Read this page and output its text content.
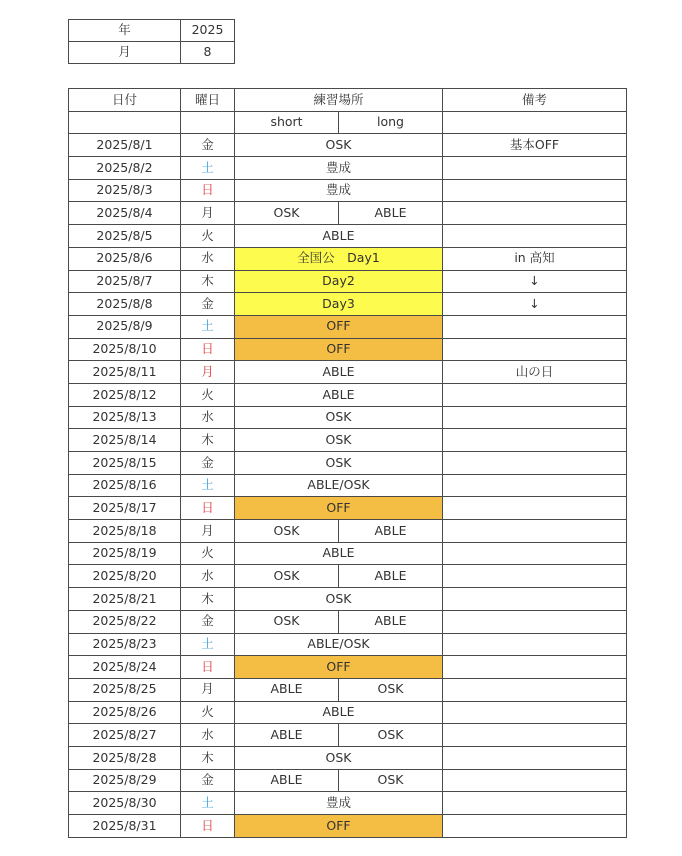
年	2025
月	8
日付	曜日	練習場所		備考
		short	long	
2025/8/1	金	OSK		基本OFF
2025/8/2	土	豊成		
2025/8/3	日	豊成		
2025/8/4	月	OSK	ABLE	
2025/8/5	火	ABLE		
2025/8/6	水	全国公　Day1		in 高知
2025/8/7	木	Day2		↓
2025/8/8	金	Day3		↓
2025/8/9	土	OFF		
2025/8/10	日	OFF		
2025/8/11	月	ABLE		山の日
2025/8/12	火	ABLE		
2025/8/13	水	OSK		
2025/8/14	木	OSK		
2025/8/15	金	OSK		
2025/8/16	土	ABLE/OSK		
2025/8/17	日	OFF		
2025/8/18	月	OSK	ABLE	
2025/8/19	火	ABLE		
2025/8/20	水	OSK	ABLE	
2025/8/21	木	OSK		
2025/8/22	金	OSK	ABLE	
2025/8/23	土	ABLE/OSK		
2025/8/24	日	OFF		
2025/8/25	月	ABLE	OSK	
2025/8/26	火	ABLE		
2025/8/27	水	ABLE	OSK	
2025/8/28	木	OSK		
2025/8/29	金	ABLE	OSK	
2025/8/30	土	豊成		
2025/8/31	日	OFF		
